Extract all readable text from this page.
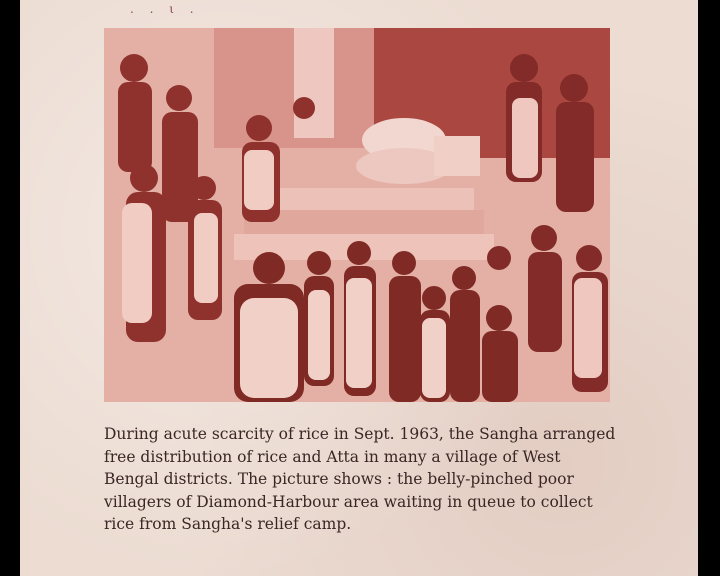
. . ι .
During acute scarcity of rice in Sept. 1963, the Sangha arranged
free distribution of rice and Atta in many a village of West
Bengal districts. The picture shows : the belly-pinched poor
villagers of Diamond-Harbour area waiting in queue to collect
rice from Sangha's relief camp.
